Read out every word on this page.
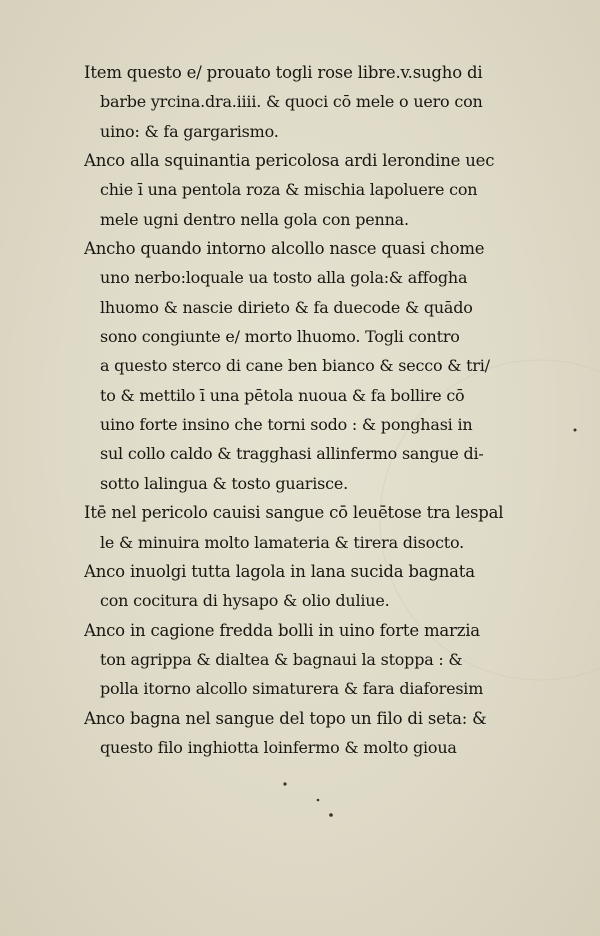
Item questo e/ prouato togli rose libre.v.sugho di
barbe yrcina.dra.iiii. & quoci cō mele o uero con
uino: & fa gargarismo.
Anco alla squinantia pericolosa ardi lerondine uec
chie ī una pentola roza & mischia lapoluere con
mele ugni dentro nella gola con penna.
Ancho quando intorno alcollo nasce quasi chome
uno nerbo:loquale ua tosto alla gola:& affogha
lhuomo & nascie dirieto & fa duecode & quādo
sono congiunte e/ morto lhuomo. Togli contro
a questo sterco di cane ben bianco & secco & tri/
to & mettilo ī una pētola nuoua & fa bollire cō
uino forte insino che torni sodo : & ponghasi in
sul collo caldo & tragghasi allinfermo sangue di-
sotto lalingua & tosto guarisce.
Itē nel pericolo cauisi sangue cō leuētose tra lespal
le & minuira molto lamateria & tirera disocto.
Anco inuolgi tutta lagola in lana sucida bagnata
con cocitura di hysapo & olio duliue.
Anco in cagione fredda bolli in uino forte marzia
ton agrippa & dialtea & bagnaui la stoppa : &
polla itorno alcollo simaturera & fara diaforesim
Anco bagna nel sangue del topo un filo di seta: &
questo filo inghiotta loinfermo & molto gioua
